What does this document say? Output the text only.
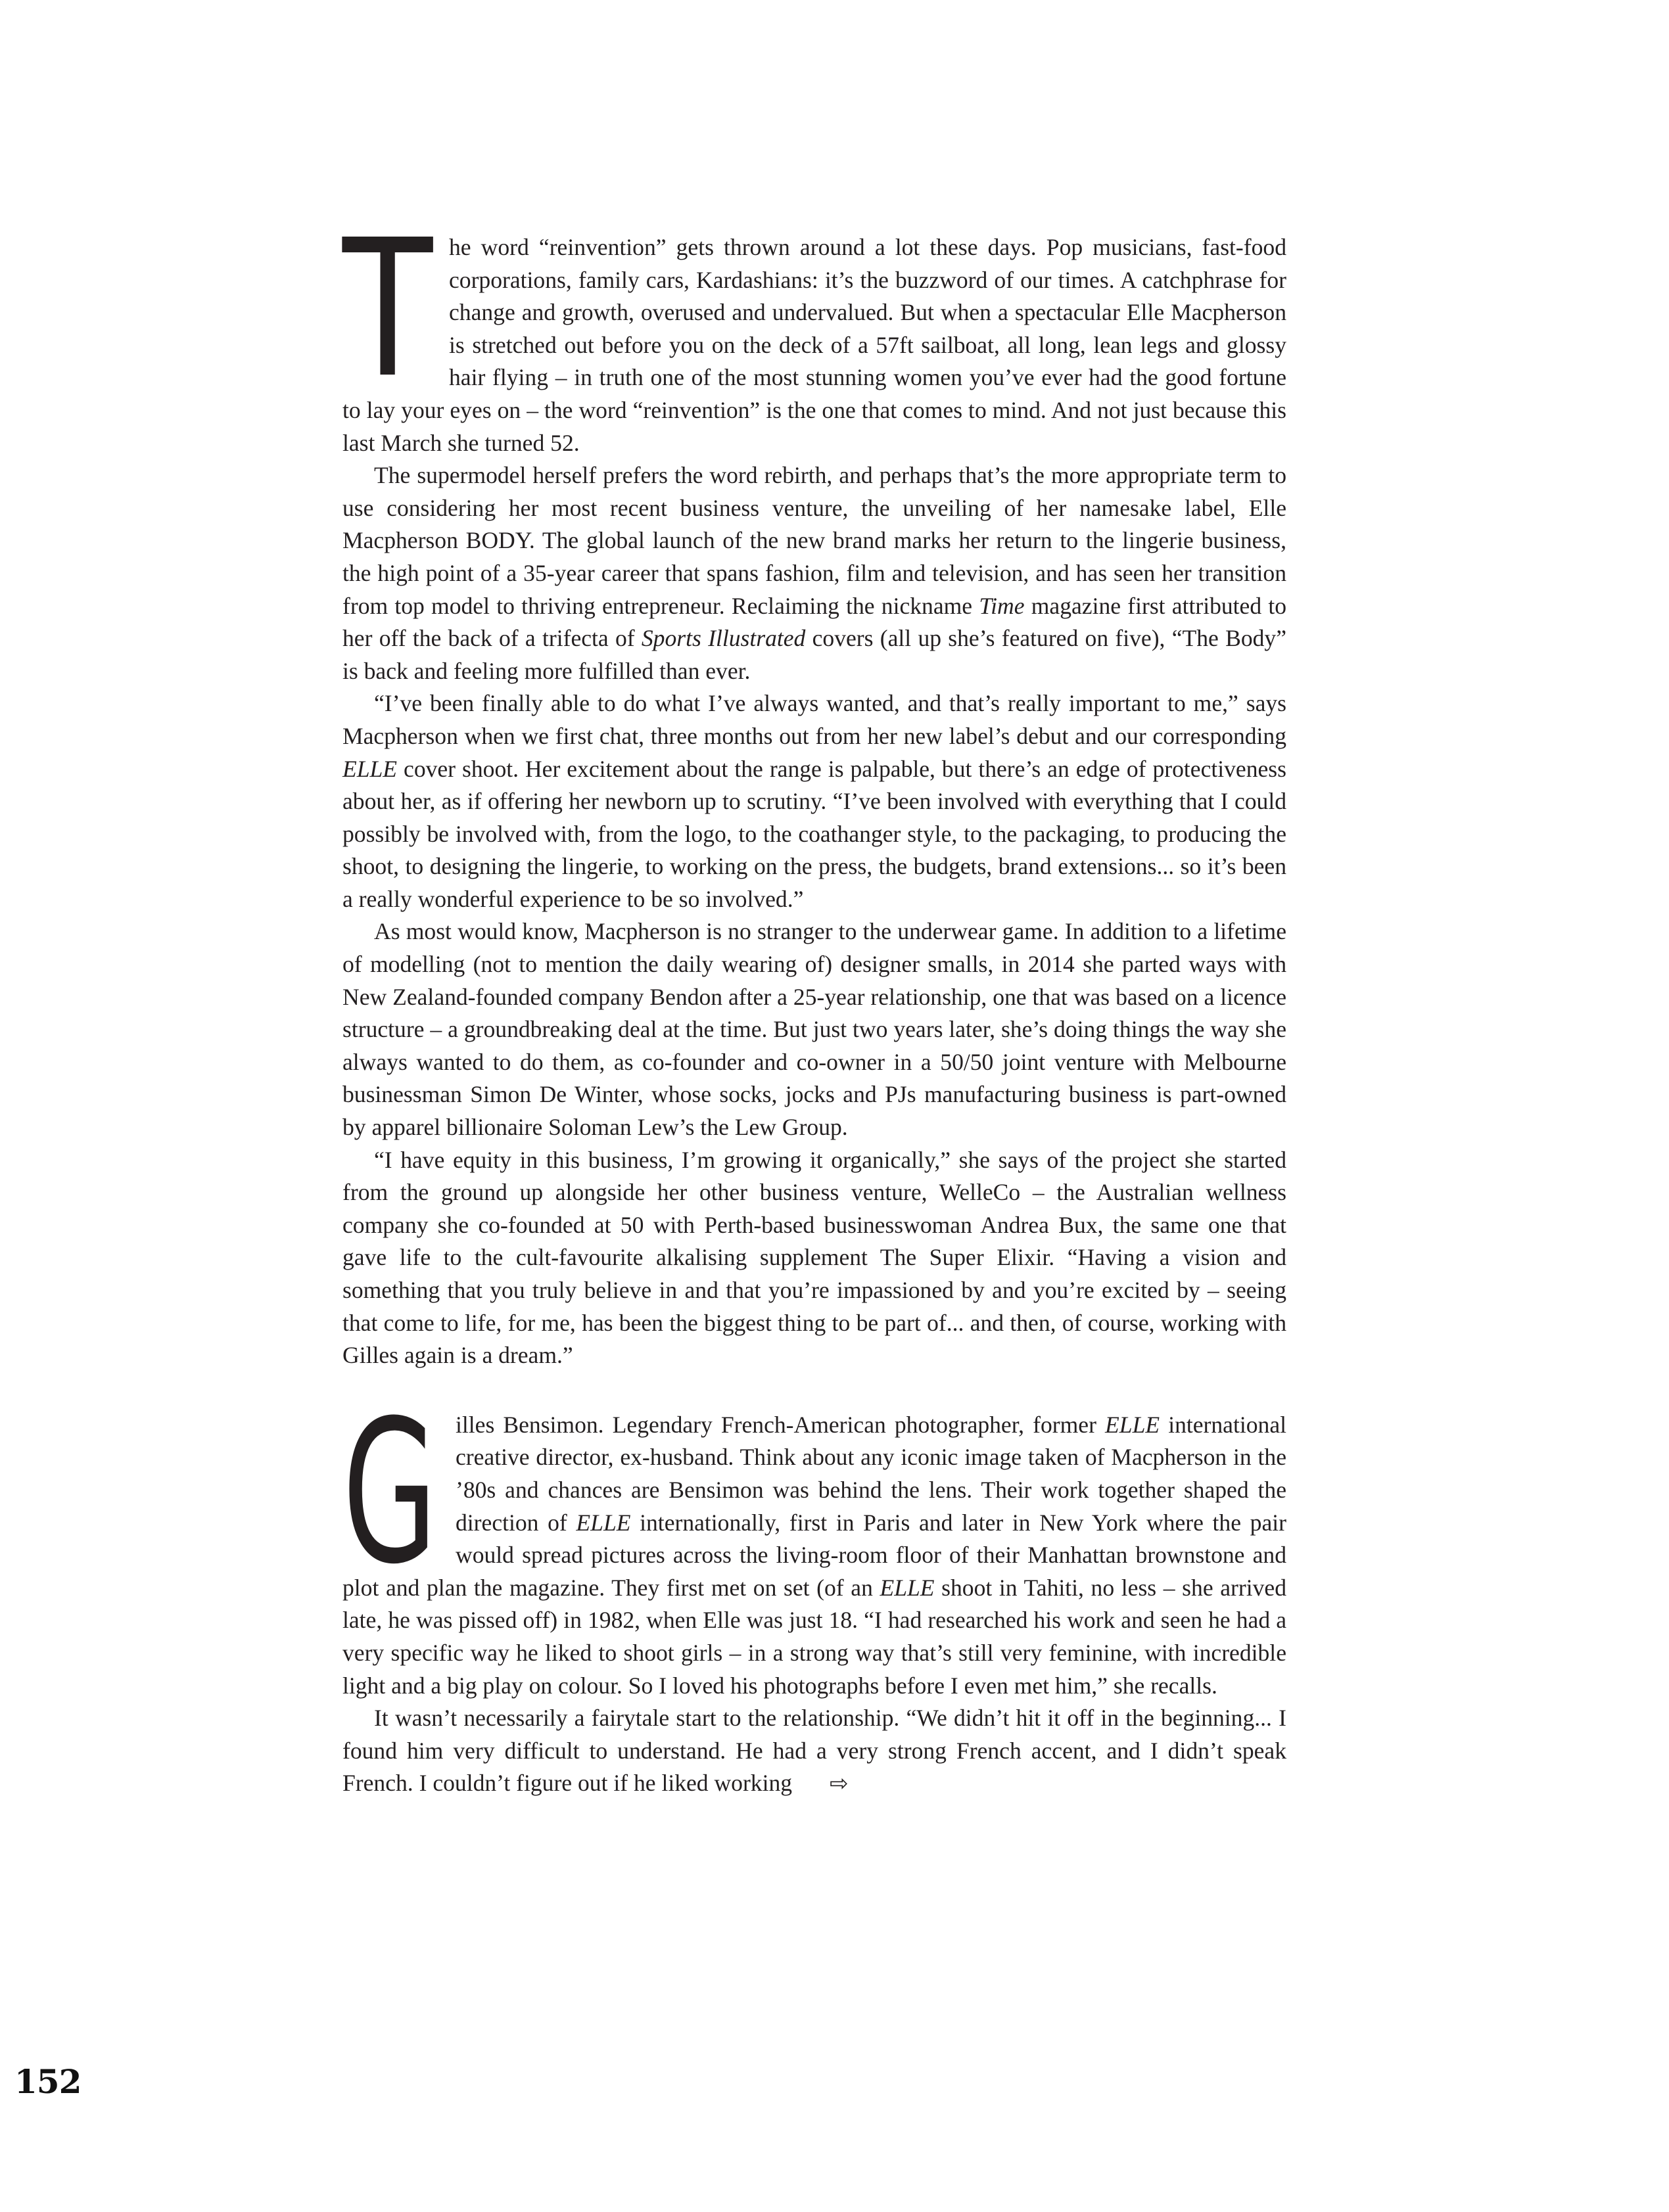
T he word “reinvention” gets thrown around a lot these days. Pop musicians, fast-food corporations, family cars, Kardashians: it’s the buzzword of our times. A catchphrase for change and growth, overused and undervalued. But when a spectacular Elle Macpherson is stretched out before you on the deck of a 57ft sailboat, all long, lean legs and glossy hair flying – in truth one of the most stunning women you’ve ever had the good fortune to lay your eyes on – the word “reinvention” is the one that comes to mind. And not just because this last March she turned 52.

The supermodel herself prefers the word rebirth, and perhaps that’s the more appropriate term to use considering her most recent business venture, the unveiling of her namesake label, Elle Macpherson BODY. The global launch of the new brand marks her return to the lingerie business, the high point of a 35-year career that spans fashion, film and television, and has seen her transition from top model to thriving entrepreneur. Reclaiming the nickname Time magazine first attributed to her off the back of a trifecta of Sports Illustrated covers (all up she’s featured on five), “The Body” is back and feeling more fulfilled than ever.

“I’ve been finally able to do what I’ve always wanted, and that’s really important to me,” says Macpherson when we first chat, three months out from her new label’s debut and our corresponding ELLE cover shoot. Her excitement about the range is palpable, but there’s an edge of protectiveness about her, as if offering her newborn up to scrutiny. “I’ve been involved with everything that I could possibly be involved with, from the logo, to the coathanger style, to the packaging, to producing the shoot, to designing the lingerie, to working on the press, the budgets, brand extensions... so it’s been a really wonderful experience to be so involved.”

As most would know, Macpherson is no stranger to the underwear game. In addition to a lifetime of modelling (not to mention the daily wearing of) designer smalls, in 2014 she parted ways with New Zealand-founded company Bendon after a 25-year relationship, one that was based on a licence structure – a groundbreaking deal at the time. But just two years later, she’s doing things the way she always wanted to do them, as co-founder and co-owner in a 50/50 joint venture with Melbourne businessman Simon De Winter, whose socks, jocks and PJs manufacturing business is part-owned by apparel billionaire Soloman Lew’s the Lew Group.

“I have equity in this business, I’m growing it organically,” she says of the project she started from the ground up alongside her other business venture, WelleCo – the Australian wellness company she co-founded at 50 with Perth-based businesswoman Andrea Bux, the same one that gave life to the cult-favourite alkalising supplement The Super Elixir. “Having a vision and something that you truly believe in and that you’re impassioned by and you’re excited by – seeing that come to life, for me, has been the biggest thing to be part of... and then, of course, working with Gilles again is a dream.”

G illes Bensimon. Legendary French-American photographer, former ELLE international creative director, ex-husband. Think about any iconic image taken of Macpherson in the ’80s and chances are Bensimon was behind the lens. Their work together shaped the direction of ELLE internationally, first in Paris and later in New York where the pair would spread pictures across the living-room floor of their Manhattan brownstone and plot and plan the magazine. They first met on set (of an ELLE shoot in Tahiti, no less – she arrived late, he was pissed off) in 1982, when Elle was just 18. “I had researched his work and seen he had a very specific way he liked to shoot girls – in a strong way that’s still very feminine, with incredible light and a big play on colour. So I loved his photographs before I even met him,” she recalls.

It wasn’t necessarily a fairytale start to the relationship. “We didn’t hit it off in the beginning... I found him very difficult to understand. He had a very strong French accent, and I didn’t speak French. I couldn’t figure out if he liked working ⇨

152
